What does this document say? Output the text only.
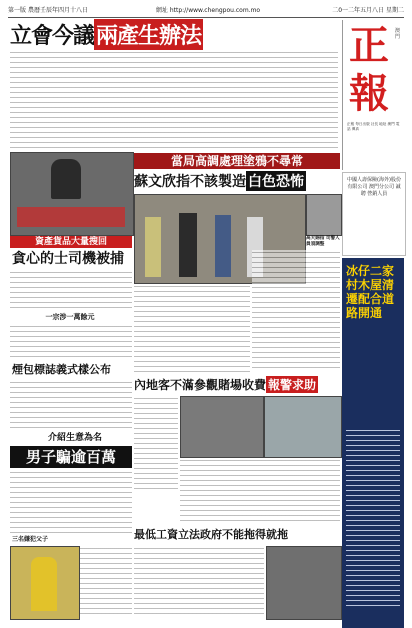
第一版 農曆壬辰年四月十八日	網址 http://www.chengpou.com.mo	二0一二年五月八日 星期二
立會今議 兩產生辦法	正
報
澳門
正報 每日出版 社長 地址 澳門 電話 傳真
資產貨品大量搜回
貪心的士司機被捕
一宗涉一萬餘元
當局高調處理塗鴉不尋常
蘇文欣指不該製造 白色恐怖
高天賜指 司警人員須調整
煙包標誌義式樣公布
介紹生意為名
男子騙逾百萬
三名嫌犯父子
內地客不滿參觀賭場收費 報警求助
最低工資立法政府不能拖得就拖
中國人壽保險(海外)股份有限公司 澳門分公司 誠聘 營銷人員
冰仔二家村木屋清遷配合道路開通
